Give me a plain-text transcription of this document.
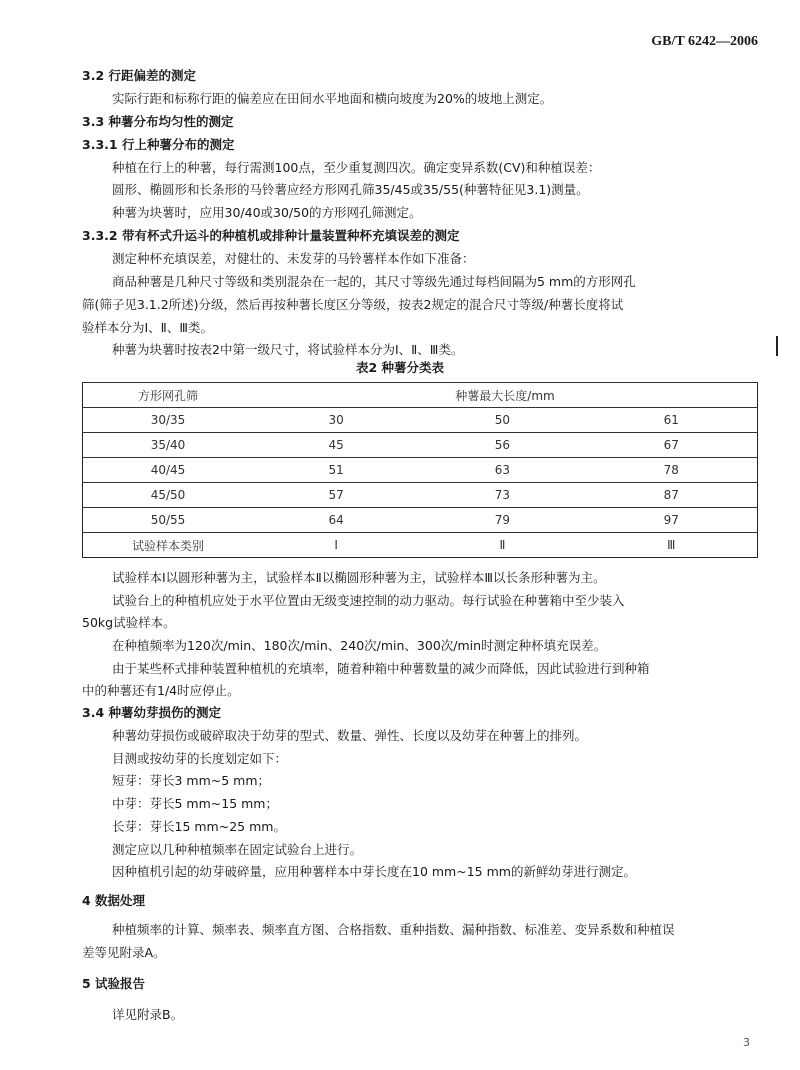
GB/T 6242—2006
3.2 行距偏差的测定
实际行距和标称行距的偏差应在田间水平地面和横向坡度为20%的坡地上测定。
3.3 种薯分布均匀性的测定
3.3.1 行上种薯分布的测定
种植在行上的种薯，每行需测100点，至少重复测四次。确定变异系数(CV)和种植误差：
圆形、椭圆形和长条形的马铃薯应经方形网孔筛35/45或35/55(种薯特征见3.1)测量。
种薯为块薯时，应用30/40或30/50的方形网孔筛测定。
3.3.2 带有杯式升运斗的种植机或排种计量装置种杯充填误差的测定
测定种杯充填误差，对健壮的、未发芽的马铃薯样本作如下准备：
商品种薯是几种尺寸等级和类别混杂在一起的，其尺寸等级先通过每档间隔为5 mm的方形网孔
筛(筛子见3.1.2所述)分级，然后再按种薯长度区分等级，按表2规定的混合尺寸等级/种薯长度将试
验样本分为Ⅰ、Ⅱ、Ⅲ类。
种薯为块薯时按表2中第一级尺寸，将试验样本分为Ⅰ、Ⅱ、Ⅲ类。
表2 种薯分类表
方形网孔筛	种薯最大长度/mm		
30/35	30	50	61
35/40	45	56	67
40/45	51	63	78
45/50	57	73	87
50/55	64	79	97
试验样本类别	Ⅰ	Ⅱ	Ⅲ
试验样本Ⅰ以圆形种薯为主，试验样本Ⅱ以椭圆形种薯为主，试验样本Ⅲ以长条形种薯为主。
试验台上的种植机应处于水平位置由无级变速控制的动力驱动。每行试验在种薯箱中至少装入
50kg试验样本。
在种植频率为120次/min、180次/min、240次/min、300次/min时测定种杯填充误差。
由于某些杯式排种装置种植机的充填率，随着种箱中种薯数量的减少而降低，因此试验进行到种箱
中的种薯还有1/4时应停止。
3.4 种薯幼芽损伤的测定
种薯幼芽损伤或破碎取决于幼芽的型式、数量、弹性、长度以及幼芽在种薯上的排列。
目测或按幼芽的长度划定如下：
短芽：芽长3 mm~5 mm；
中芽：芽长5 mm~15 mm；
长芽：芽长15 mm~25 mm。
测定应以几种种植频率在固定试验台上进行。
因种植机引起的幼芽破碎量，应用种薯样本中芽长度在10 mm~15 mm的新鲜幼芽进行测定。
4 数据处理
种植频率的计算、频率表、频率直方图、合格指数、重种指数、漏种指数、标准差、变异系数和种植误
差等见附录A。
5 试验报告
详见附录B。
3
